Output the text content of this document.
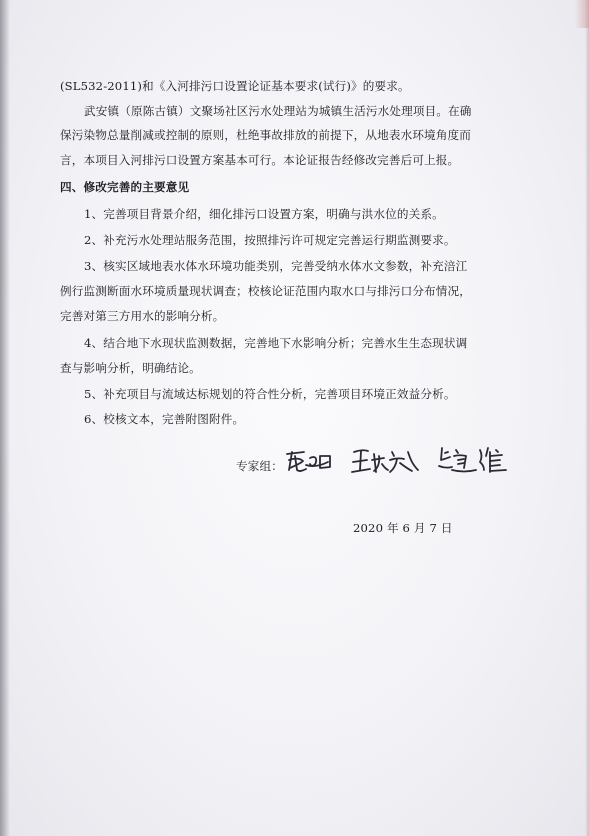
(SL532-2011)和《入河排污口设置论证基本要求(试行)》的要求。
武安镇（原陈古镇）文聚场社区污水处理站为城镇生活污水处理项目。在确
保污染物总量削减或控制的原则，杜绝事故排放的前提下，从地表水环境角度而
言，本项目入河排污口设置方案基本可行。本论证报告经修改完善后可上报。
四、修改完善的主要意见
1、完善项目背景介绍，细化排污口设置方案，明确与洪水位的关系。
2、补充污水处理站服务范围，按照排污许可规定完善运行期监测要求。
3、核实区域地表水体水环境功能类别，完善受纳水体水文参数，补充涪江
例行监测断面水环境质量现状调查；校核论证范围内取水口与排污口分布情况，
完善对第三方用水的影响分析。
4、结合地下水现状监测数据，完善地下水影响分析；完善水生生态现状调
查与影响分析，明确结论。
5、补充项目与流域达标规划的符合性分析，完善项目环境正效益分析。
6、校核文本，完善附图附件。
专家组：
2020 年 6 月 7 日
